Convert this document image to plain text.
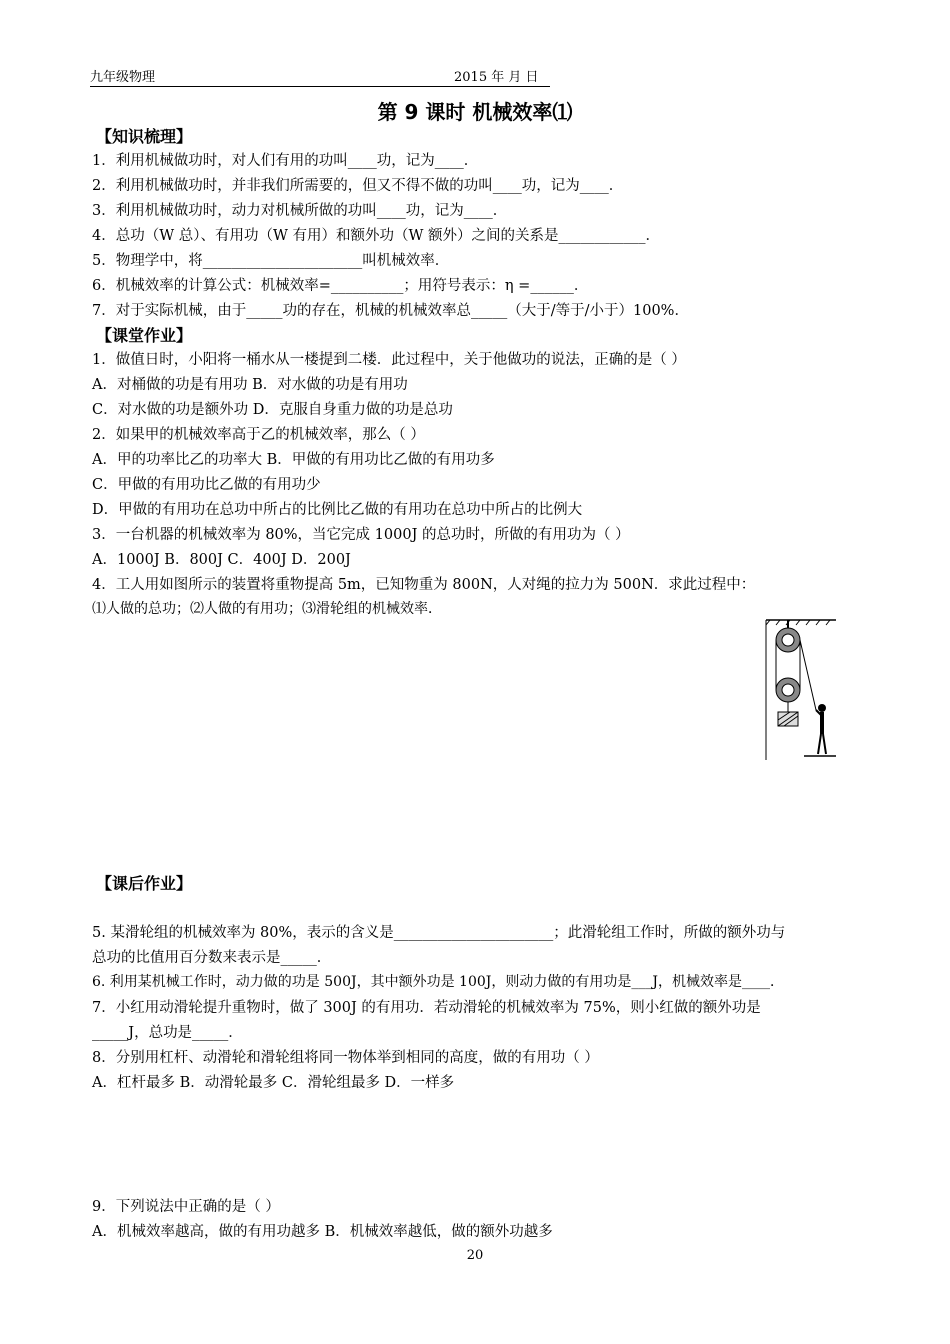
九年级物理	2015 年 月 日
第 9 课时 机械效率⑴
【知识梳理】
1．利用机械做功时，对人们有用的功叫____功，记为____．
2．利用机械做功时，并非我们所需要的，但又不得不做的功叫____功，记为____．
3．利用机械做功时，动力对机械所做的功叫____功，记为____．
4．总功（W 总）、有用功（W 有用）和额外功（W 额外）之间的关系是____________．
5．物理学中，将______________________叫机械效率．
6．机械效率的计算公式：机械效率=__________；用符号表示：η =______．
7．对于实际机械，由于_____功的存在，机械的机械效率总_____（大于/等于/小于）100%．
【课堂作业】
1．做值日时，小阳将一桶水从一楼提到二楼．此过程中，关于他做功的说法，正确的是（ ）
A．对桶做的功是有用功 B．对水做的功是有用功
C．对水做的功是额外功 D．克服自身重力做的功是总功
2．如果甲的机械效率高于乙的机械效率，那么（ ）
A．甲的功率比乙的功率大 B．甲做的有用功比乙做的有用功多
C．甲做的有用功比乙做的有用功少
D．甲做的有用功在总功中所占的比例比乙做的有用功在总功中所占的比例大
3．一台机器的机械效率为 80%，当它完成 1000J 的总功时，所做的有用功为（ ）
A．1000J B．800J C．400J D．200J
4．工人用如图所示的装置将重物提高 5m，已知物重为 800N，人对绳的拉力为 500N．求此过程中：
⑴人做的总功；⑵人做的有用功；⑶滑轮组的机械效率．
【课后作业】
5. 某滑轮组的机械效率为 80%，表示的含义是______________________；此滑轮组工作时，所做的额外功与
总功的比值用百分数来表示是_____．
6. 利用某机械工作时，动力做的功是 500J，其中额外功是 100J，则动力做的有用功是___J，机械效率是____．
7．小红用动滑轮提升重物时，做了 300J 的有用功．若动滑轮的机械效率为 75%，则小红做的额外功是
_____J，总功是_____．
8．分别用杠杆、动滑轮和滑轮组将同一物体举到相同的高度，做的有用功（ ）
A．杠杆最多 B．动滑轮最多 C．滑轮组最多 D．一样多
9．下列说法中正确的是（ ）
A．机械效率越高，做的有用功越多 B．机械效率越低，做的额外功越多
20
